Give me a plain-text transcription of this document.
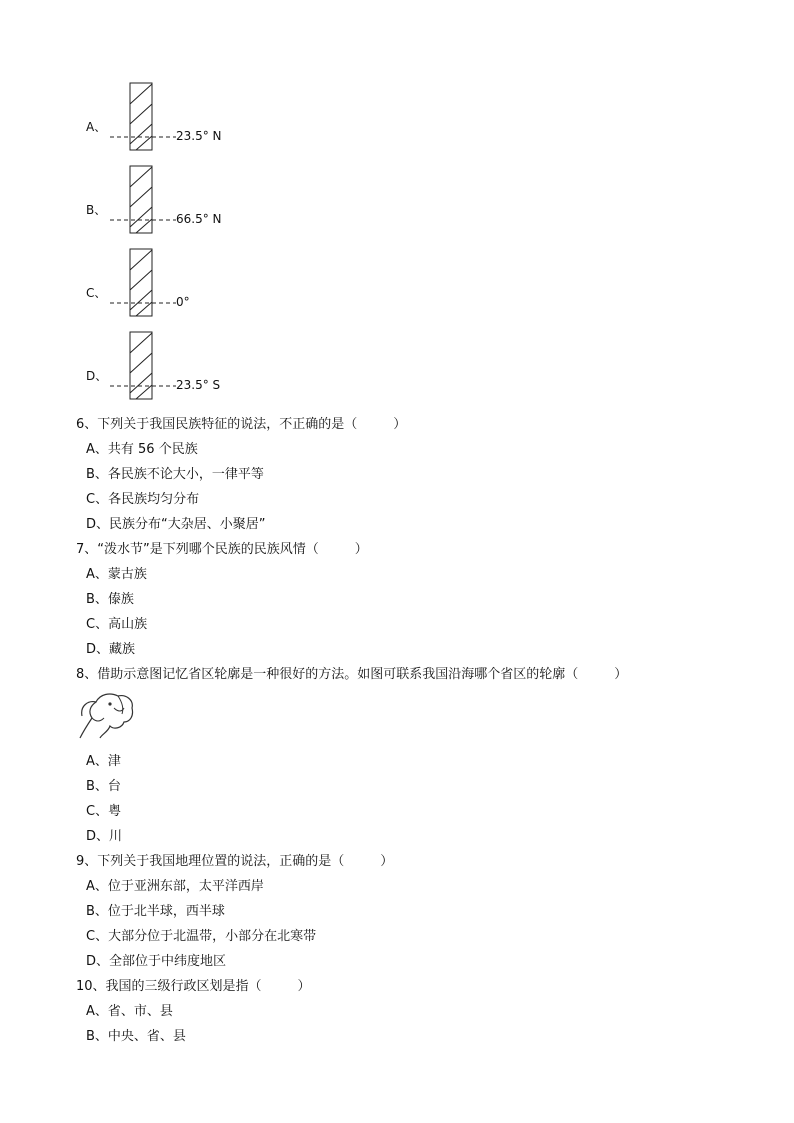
A、
23.5° N
B、
66.5° N
C、
0°
D、
23.5° S
6、下列关于我国民族特征的说法，不正确的是（	）
A、共有 56 个民族
B、各民族不论大小，一律平等
C、各民族均匀分布
D、民族分布“大杂居、小聚居”
7、“泼水节”是下列哪个民族的民族风情（	）
A、蒙古族
B、傣族
C、高山族
D、藏族
8、借助示意图记忆省区轮廓是一种很好的方法。如图可联系我国沿海哪个省区的轮廓（	）
A、津
B、台
C、粤
D、川
9、下列关于我国地理位置的说法，正确的是（	）
A、位于亚洲东部，太平洋西岸
B、位于北半球，西半球
C、大部分位于北温带，小部分在北寒带
D、全部位于中纬度地区
10、我国的三级行政区划是指（	）
A、省、市、县
B、中央、省、县
